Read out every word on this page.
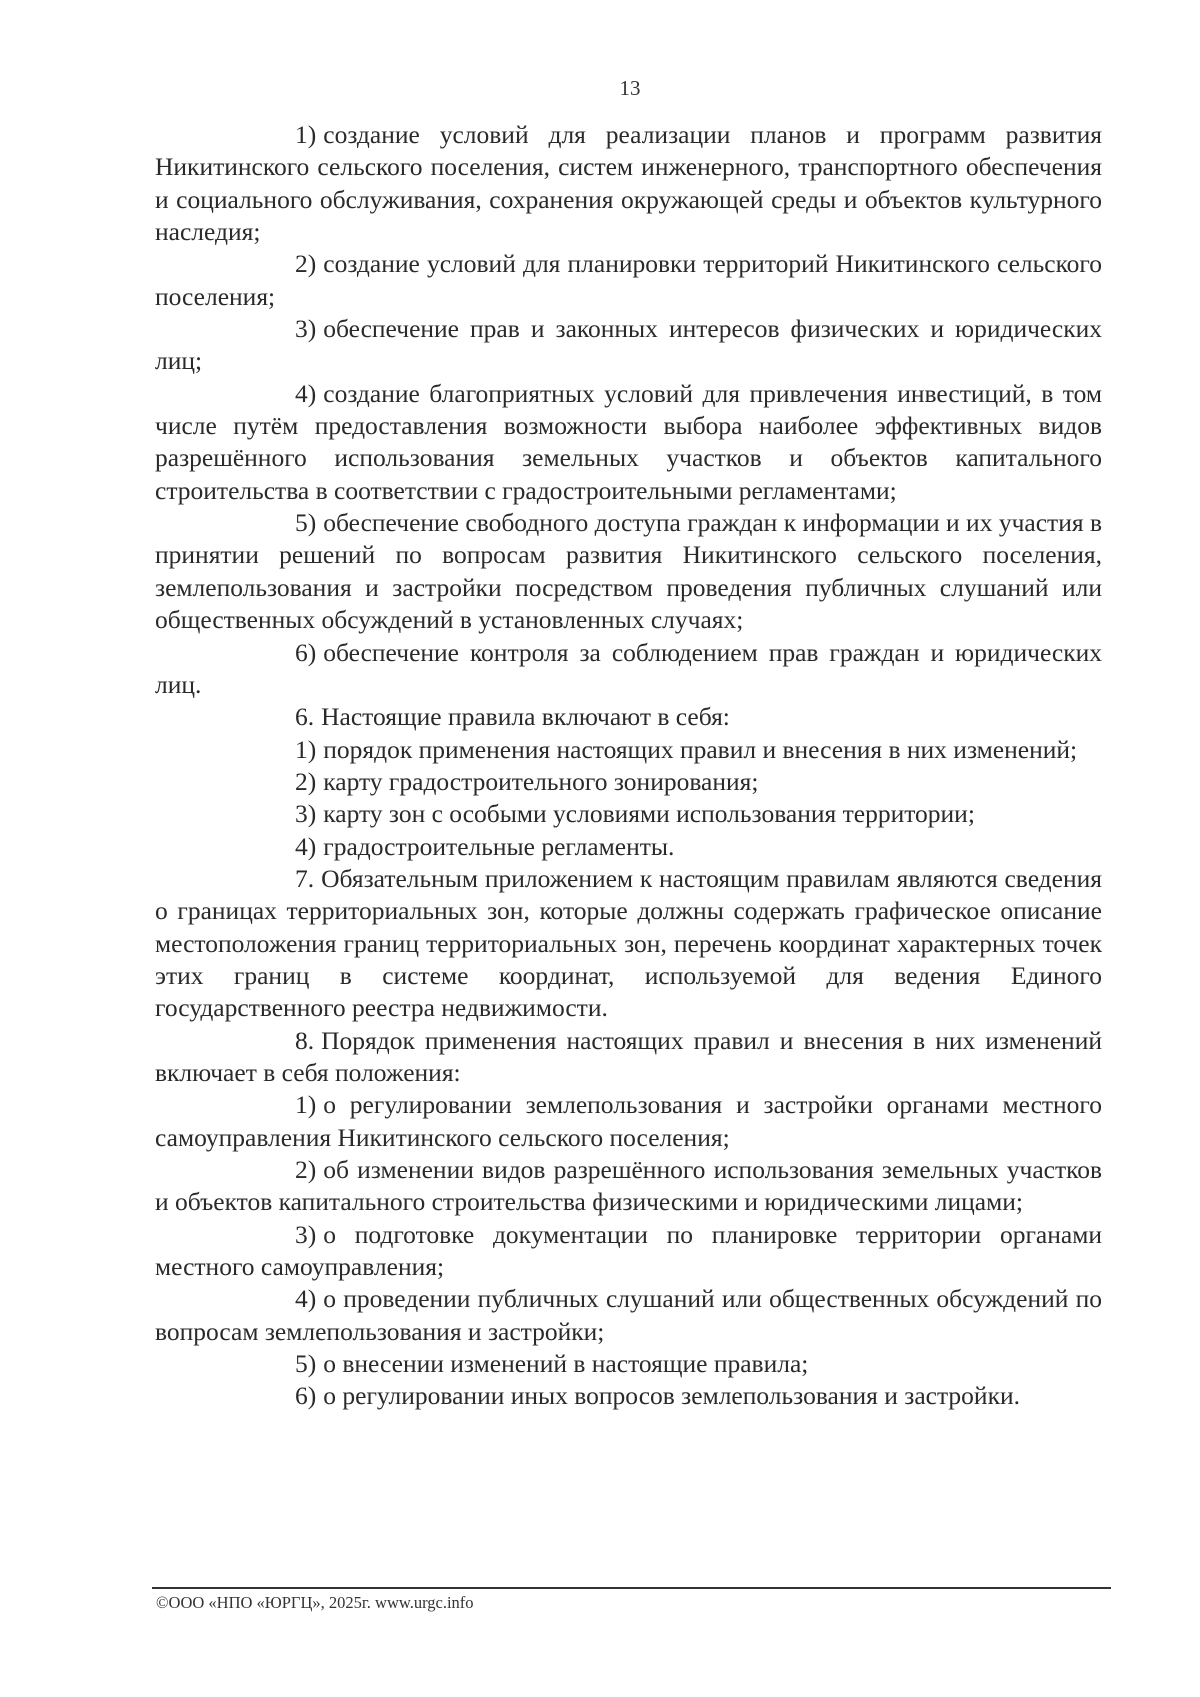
13

1) создание условий для реализации планов и программ развития Никитинского сельского поселения, систем инженерного, транспортного обеспечения и социального обслуживания, сохранения окружающей среды и объектов культурного наследия;

2) создание условий для планировки территорий Никитинского сельского поселения;

3) обеспечение прав и законных интересов физических и юридических лиц;

4) создание благоприятных условий для привлечения инвестиций, в том числе путём предоставления возможности выбора наиболее эффективных видов разрешённого использования земельных участков и объектов капитального строительства в соответствии с градостроительными регламентами;

5) обеспечение свободного доступа граждан к информации и их участия в принятии решений по вопросам развития Никитинского сельского поселения, землепользования и застройки посредством проведения публичных слушаний или общественных обсуждений в установленных случаях;

6) обеспечение контроля за соблюдением прав граждан и юридических лиц.

6. Настоящие правила включают в себя:

1) порядок применения настоящих правил и внесения в них изменений;

2) карту градостроительного зонирования;

3) карту зон с особыми условиями использования территории;

4) градостроительные регламенты.

7. Обязательным приложением к настоящим правилам являются сведения о границах территориальных зон, которые должны содержать графическое описание местоположения границ территориальных зон, перечень координат характерных точек этих границ в системе координат, используемой для ведения Единого государственного реестра недвижимости.

8. Порядок применения настоящих правил и внесения в них изменений включает в себя положения:

1) о регулировании землепользования и застройки органами местного самоуправления Никитинского сельского поселения;

2) об изменении видов разрешённого использования земельных участков и объектов капитального строительства физическими и юридическими лицами;

3) о подготовке документации по планировке территории органами местного самоуправления;

4) о проведении публичных слушаний или общественных обсуждений по вопросам землепользования и застройки;

5) о внесении изменений в настоящие правила;

6) о регулировании иных вопросов землепользования и застройки.

©ООО «НПО «ЮРГЦ», 2025г. www.urgc.info
